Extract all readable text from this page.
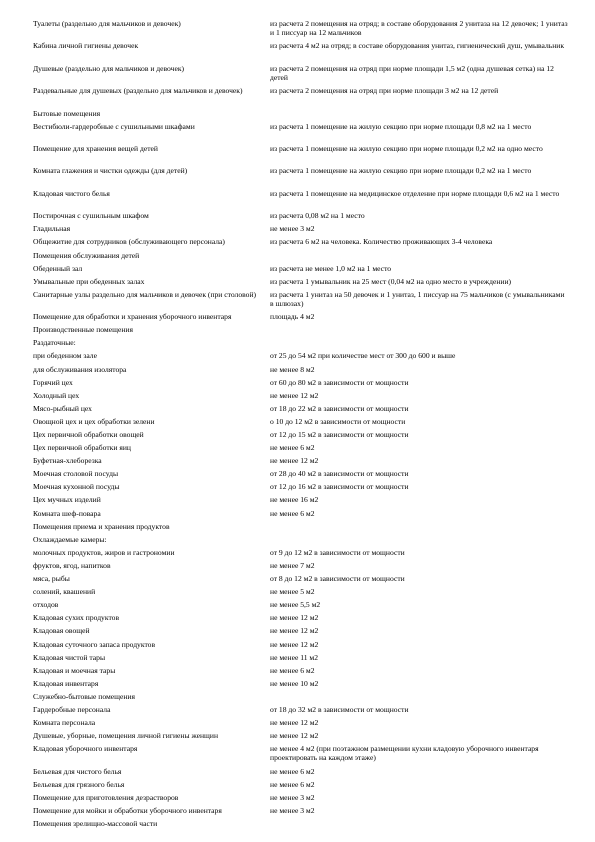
Туалеты (раздельно для мальчиков и девочек)	из расчета 2 помещения на отряд; в составе оборудования 2 унитаза на 12 девочек; 1 унитаз и 1 писсуар на 12 мальчиков
Кабина личной гигиены девочек	из расчета 4 м2 на отряд; в составе оборудования унитаз, гигиенический душ, умывальник
Душевые (раздельно для мальчиков и девочек)	из расчета 2 помещения на отряд при норме площади 1,5 м2 (одна душевая сетка) на 12 детей
Раздевальные для душевых (раздельно для мальчиков и девочек)	из расчета 2 помещения на отряд при норме площади 3 м2 на 12 детей
Бытовые помещения
Вестибюли-гардеробные с сушильными шкафами	из расчета 1 помещение на жилую секцию при норме площади 0,8 м2 на 1 место
Помещение для хранения вещей детей	из расчета 1 помещение на жилую секцию при норме площади 0,2 м2 на одно место
Комната глажения и чистки одежды (для детей)	из расчета 1 помещение на жилую секцию при норме площади 0,2 м2 на 1 место
Кладовая чистого белья	из расчета 1 помещение на медицинское отделение при норме площади 0,6 м2 на 1 место
Постирочная с сушильным шкафом	из расчета 0,08 м2 на 1 место
Гладильная	не менее 3 м2
Общежитие для сотрудников (обслуживающего персонала)	из расчета 6 м2 на человека. Количество проживающих 3-4 человека
Помещения обслуживания детей
Обеденный зал	из расчета не менее 1,0 м2 на 1 место
Умывальные при обеденных залах	из расчета 1 умывальник на 25 мест (0,04 м2 на одно место в учреждении)
Санитарные узлы раздельно для мальчиков и девочек (при столовой)	из расчета 1 унитаз на 50 девочек и 1 унитаз, 1 писсуар на 75 мальчиков (с умывальниками в шлюзах)
Помещение для обработки и хранения уборочного инвентаря	площадь 4 м2
Производственные помещения
Раздаточные:
при обеденном зале	от 25 до 54 м2 при количестве мест от 300 до 600 и выше
для обслуживания изолятора	не менее 8 м2
Горячий цех	от 60 до 80 м2 в зависимости от мощности
Холодный цех	не менее 12 м2
Мясо-рыбный цех	от 18 до 22 м2 в зависимости от мощности
Овощной цех и цех обработки зелени	о 10 до 12 м2 в зависимости от мощности
Цех первичной обработки овощей	от 12 до 15 м2 в зависимости от мощности
Цех первичной обработки яиц	не менее 6 м2
Буфетная-хлеборезка	не менее 12 м2
Моечная столовой посуды	от 28 до 40 м2 в зависимости от мощности
Моечная кухонной посуды	от 12 до 16 м2 в зависимости от мощности
Цех мучных изделий	не менее 16 м2
Комната шеф-повара	не менее 6 м2
Помещения приема и хранения продуктов
Охлаждаемые камеры:
молочных продуктов, жиров и гастрономии	от 9 до 12 м2 в зависимости от мощности
фруктов, ягод, напитков	не менее 7 м2
мяса, рыбы	от 8 до 12 м2 в зависимости от мощности
солений, квашений	не менее 5 м2
отходов	не менее 5,5 м2
Кладовая сухих продуктов	не менее 12 м2
Кладовая овощей	не менее 12 м2
Кладовая суточного запаса продуктов	не менее 12 м2
Кладовая чистой тары	не менее 11 м2
Кладовая и моечная тары	не менее 6 м2
Кладовая инвентаря	не менее 10 м2
Служебно-бытовые помещения
Гардеробные персонала	от 18 до 32 м2 в зависимости от мощности
Комната персонала	не менее 12 м2
Душевые, уборные, помещения личной гигиены женщин	не менее 12 м2
Кладовая уборочного инвентаря	не менее 4 м2 (при поэтажном размещении кухни кладовую уборочного инвентаря проектировать на каждом этаже)
Бельевая для чистого белья	не менее 6 м2
Бельевая для грязного белья	не менее 6 м2
Помещение для приготовления дезрастворов	не менее 3 м2
Помещение для мойки и обработки уборочного инвентаря	не менее 3 м2
Помещения зрелищно-массовой части
